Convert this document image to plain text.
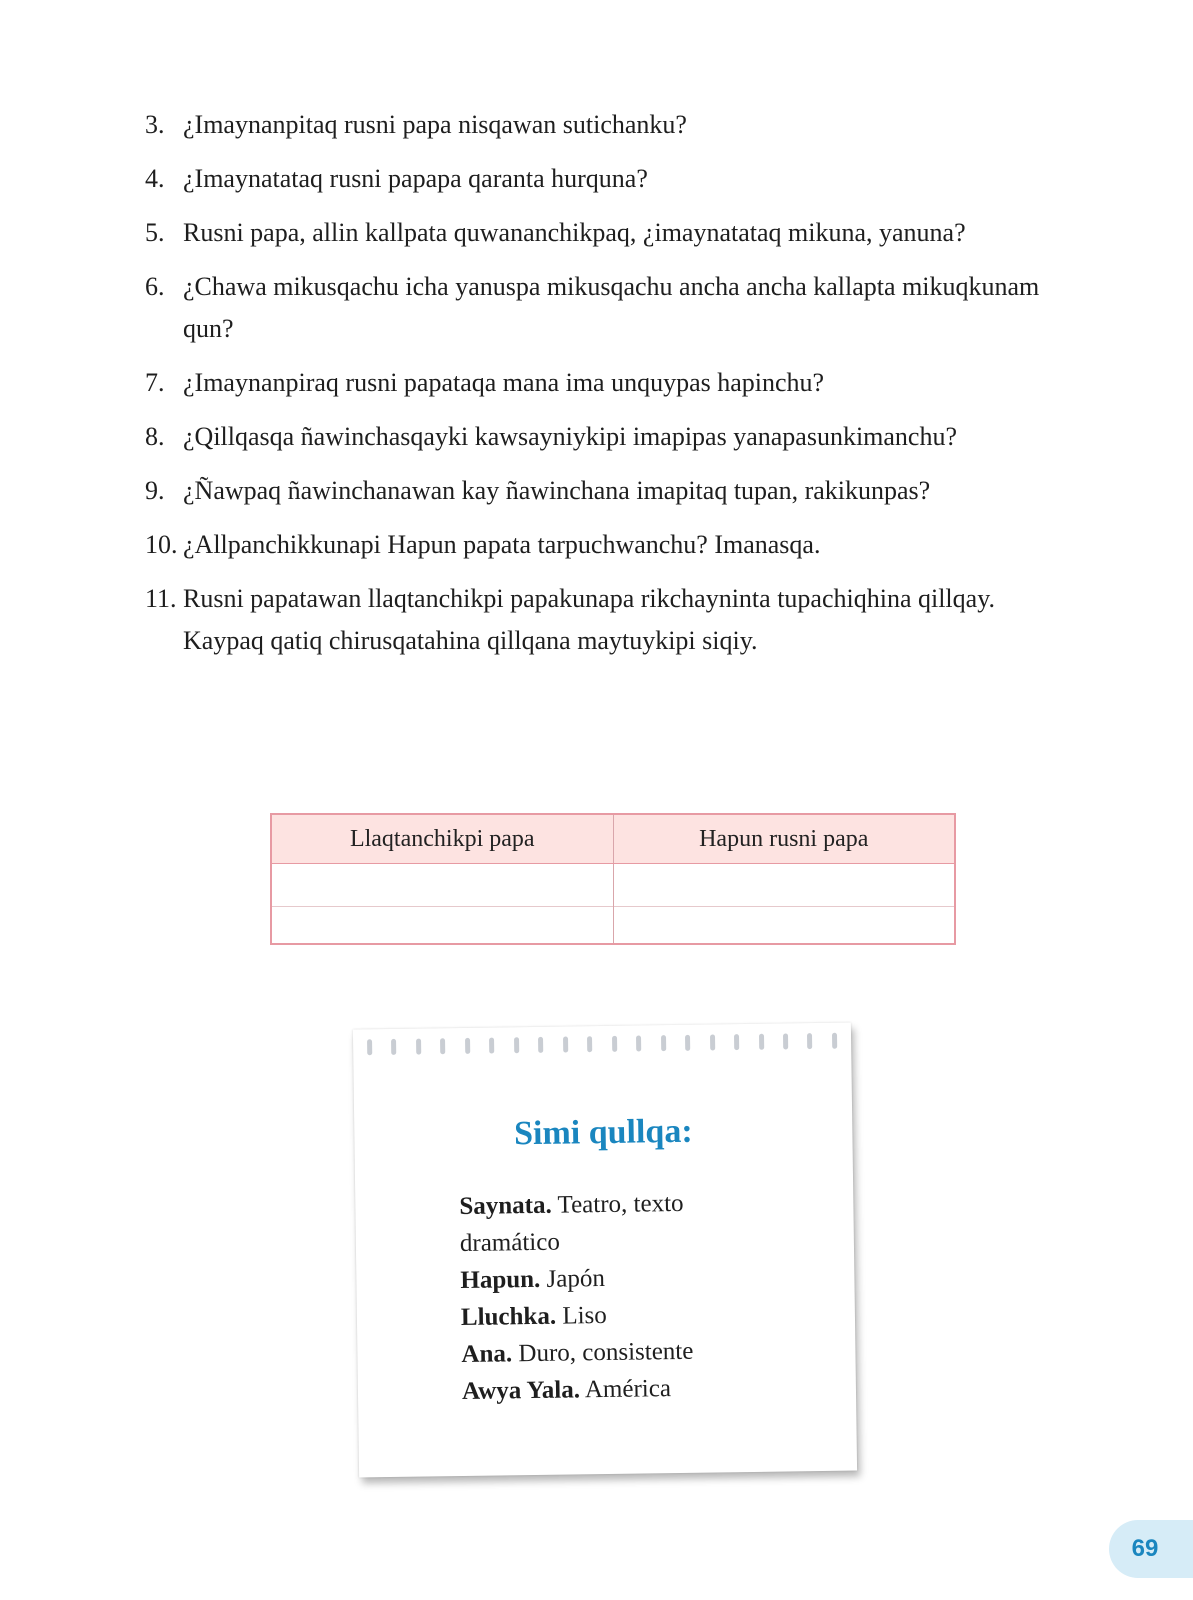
3. ¿Imaynanpitaq rusni papa nisqawan sutichanku?
4. ¿Imaynatataq rusni papapa qaranta hurquna?
5. Rusni papa, allin kallpata quwananchikpaq, ¿imaynatataq mikuna, yanuna?
6. ¿Chawa mikusqachu icha yanuspa mikusqachu ancha ancha kallapta mikuqkunam qun?
7. ¿Imaynanpiraq rusni papataqa mana ima unquypas hapinchu?
8. ¿Qillqasqa ñawinchasqayki kawsayniykipi imapipas yanapasunkimanchu?
9. ¿Ñawpaq ñawinchanawan kay ñawinchana imapitaq tupan, rakikunpas?
10. ¿Allpanchikkunapi Hapun papata tarpuchwanchu? Imanasqa.
11. Rusni papatawan llaqtanchikpi papakunapa rikchayninta tupachiqhina qillqay. Kaypaq qatiq chirusqatahina qillqana maytuykipi siqiy.
Llaqtanchikpi papa	Hapun rusni papa

Simi qullqa:
Saynata. Teatro, texto dramático
Hapun. Japón
Lluchka. Liso
Ana. Duro, consistente
Awya Yala. América
69
